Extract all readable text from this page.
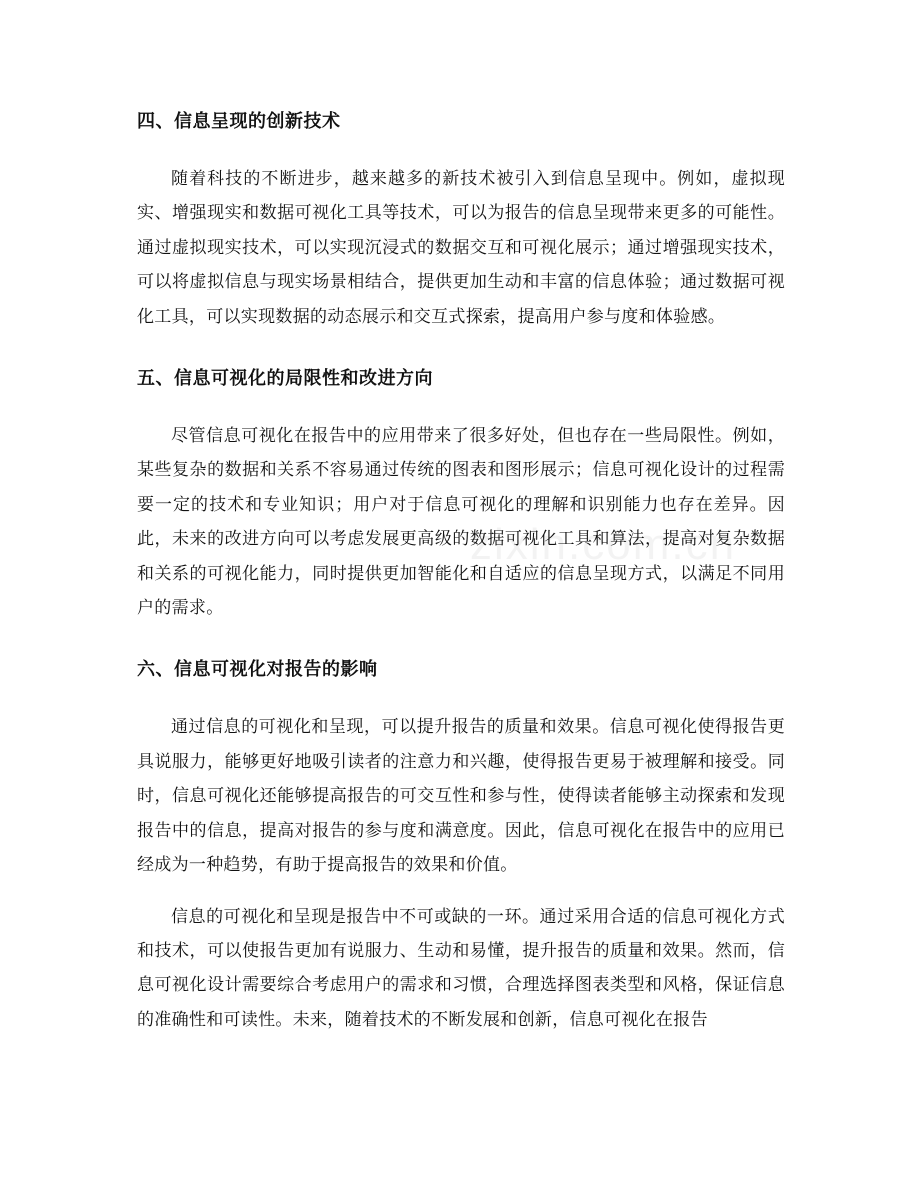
四、信息呈现的创新技术

随着科技的不断进步，越来越多的新技术被引入到信息呈现中。例如，虚拟现实、增强现实和数据可视化工具等技术，可以为报告的信息呈现带来更多的可能性。通过虚拟现实技术，可以实现沉浸式的数据交互和可视化展示；通过增强现实技术，可以将虚拟信息与现实场景相结合，提供更加生动和丰富的信息体验；通过数据可视化工具，可以实现数据的动态展示和交互式探索，提高用户参与度和体验感。

五、信息可视化的局限性和改进方向

尽管信息可视化在报告中的应用带来了很多好处，但也存在一些局限性。例如，某些复杂的数据和关系不容易通过传统的图表和图形展示；信息可视化设计的过程需要一定的技术和专业知识；用户对于信息可视化的理解和识别能力也存在差异。因此，未来的改进方向可以考虑发展更高级的数据可视化工具和算法，提高对复杂数据和关系的可视化能力，同时提供更加智能化和自适应的信息呈现方式，以满足不同用户的需求。

六、信息可视化对报告的影响

通过信息的可视化和呈现，可以提升报告的质量和效果。信息可视化使得报告更具说服力，能够更好地吸引读者的注意力和兴趣，使得报告更易于被理解和接受。同时，信息可视化还能够提高报告的可交互性和参与性，使得读者能够主动探索和发现报告中的信息，提高对报告的参与度和满意度。因此，信息可视化在报告中的应用已经成为一种趋势，有助于提高报告的效果和价值。

信息的可视化和呈现是报告中不可或缺的一环。通过采用合适的信息可视化方式和技术，可以使报告更加有说服力、生动和易懂，提升报告的质量和效果。然而，信息可视化设计需要综合考虑用户的需求和习惯，合理选择图表类型和风格，保证信息的准确性和可读性。未来，随着技术的不断发展和创新，信息可视化在报告
